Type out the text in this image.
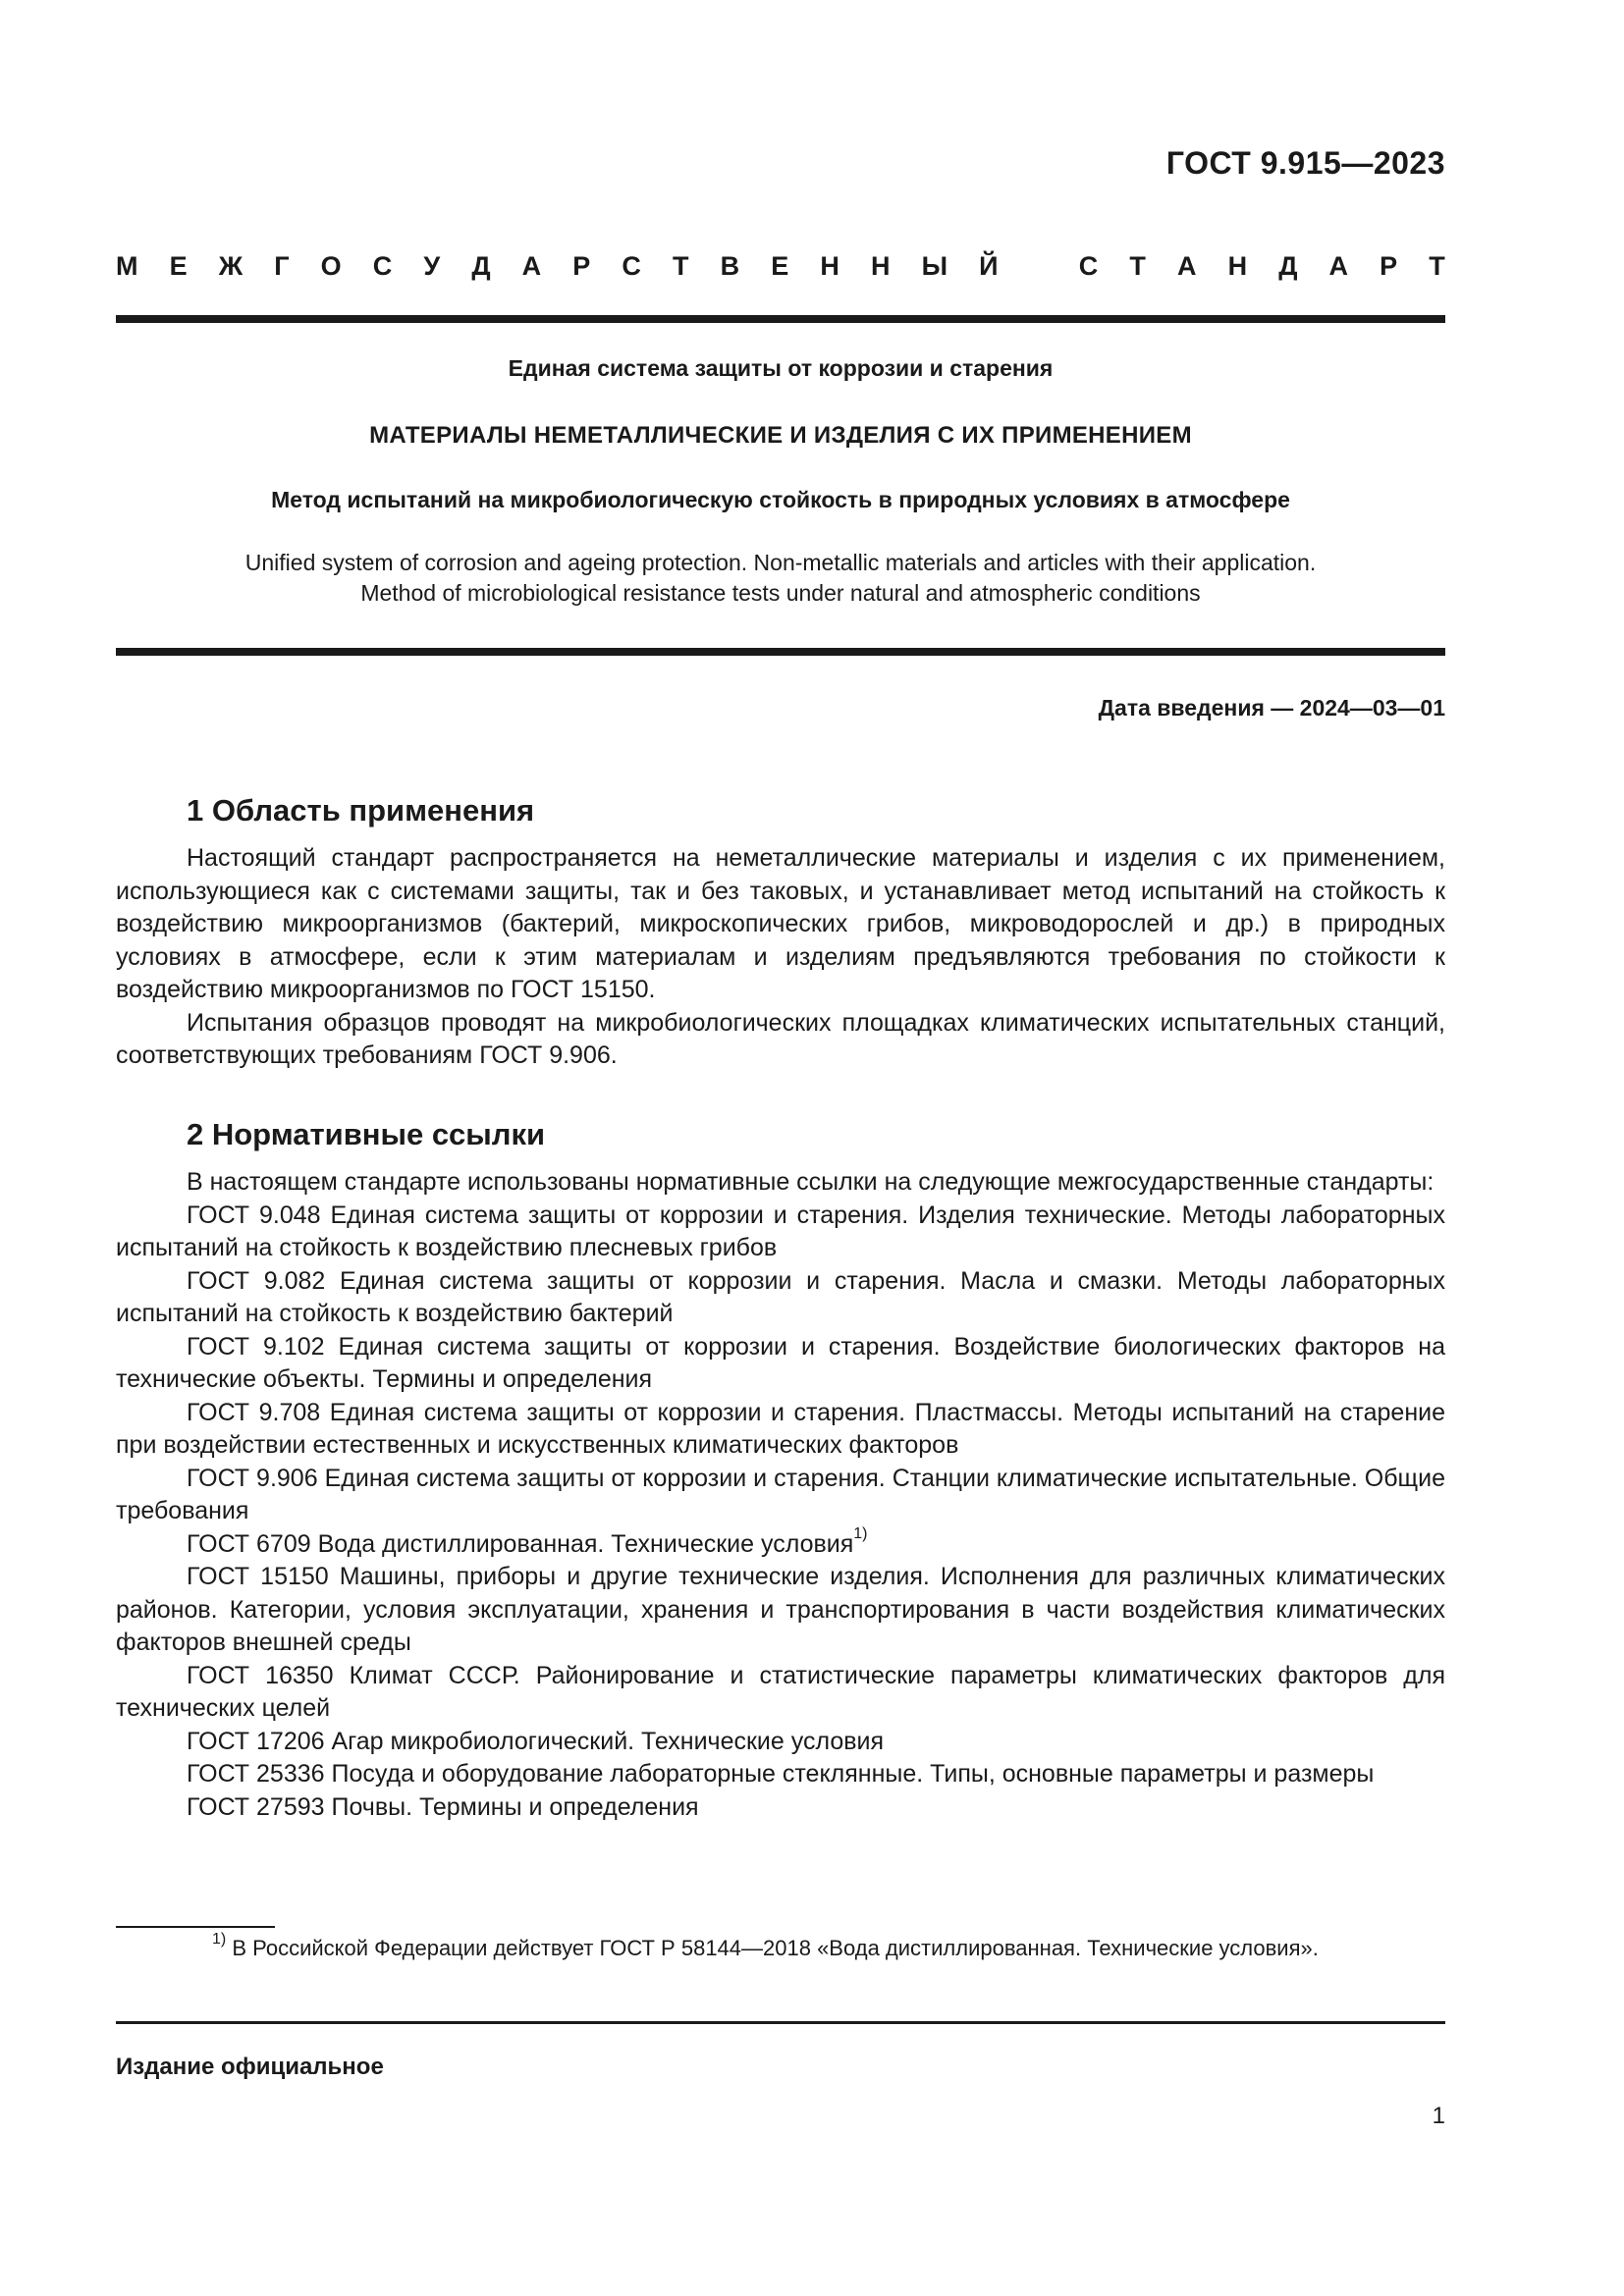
ГОСТ 9.915—2023
М Е Ж Г О С У Д А Р С Т В Е Н Н Ы Й	С Т А Н Д А Р Т
Единая система защиты от коррозии и старения
МАТЕРИАЛЫ НЕМЕТАЛЛИЧЕСКИЕ И ИЗДЕЛИЯ С ИХ ПРИМЕНЕНИЕМ
Метод испытаний на микробиологическую стойкость в природных условиях в атмосфере
Unified system of corrosion and ageing protection. Non-metallic materials and articles with their application.
Method of microbiological resistance tests under natural and atmospheric conditions
Дата введения — 2024—03—01
1 Область применения

Настоящий стандарт распространяется на неметаллические материалы и изделия с их применением, использующиеся как с системами защиты, так и без таковых, и устанавливает метод испытаний на стойкость к воздействию микроорганизмов (бактерий, микроскопических грибов, микроводорослей и др.) в природных условиях в атмосфере, если к этим материалам и изделиям предъявляются требования по стойкости к воздействию микроорганизмов по ГОСТ 15150.

Испытания образцов проводят на микробиологических площадках климатических испытательных станций, соответствующих требованиям ГОСТ 9.906.

2 Нормативные ссылки

В настоящем стандарте использованы нормативные ссылки на следующие межгосударственные стандарты:

ГОСТ 9.048 Единая система защиты от коррозии и старения. Изделия технические. Методы лабораторных испытаний на стойкость к воздействию плесневых грибов

ГОСТ 9.082 Единая система защиты от коррозии и старения. Масла и смазки. Методы лабораторных испытаний на стойкость к воздействию бактерий

ГОСТ 9.102 Единая система защиты от коррозии и старения. Воздействие биологических факторов на технические объекты. Термины и определения

ГОСТ 9.708 Единая система защиты от коррозии и старения. Пластмассы. Методы испытаний на старение при воздействии естественных и искусственных климатических факторов

ГОСТ 9.906 Единая система защиты от коррозии и старения. Станции климатические испытательные. Общие требования

ГОСТ 6709 Вода дистиллированная. Технические условия$^{1)}$

ГОСТ 15150 Машины, приборы и другие технические изделия. Исполнения для различных климатических районов. Категории, условия эксплуатации, хранения и транспортирования в части воздействия климатических факторов внешней среды

ГОСТ 16350 Климат СССР. Районирование и статистические параметры климатических факторов для технических целей

ГОСТ 17206 Агар микробиологический. Технические условия

ГОСТ 25336 Посуда и оборудование лабораторные стеклянные. Типы, основные параметры и размеры

ГОСТ 27593 Почвы. Термины и определения

$^{1)}$ В Российской Федерации действует ГОСТ Р 58144—2018 «Вода дистиллированная. Технические условия».
Издание официальное
1
